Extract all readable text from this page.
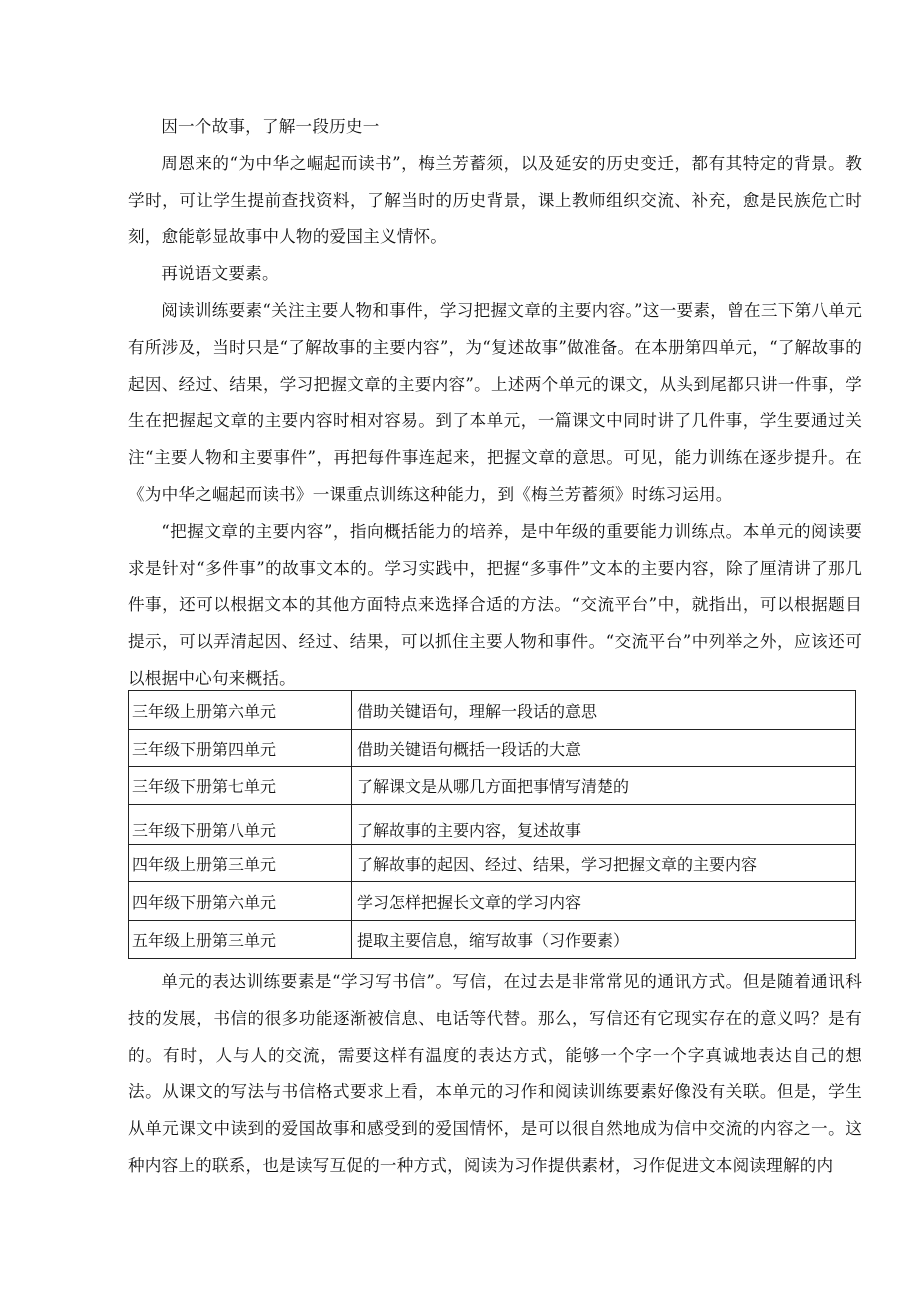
因一个故事，了解一段历史一

周恩来的“为中华之崛起而读书”，梅兰芳蓄须，以及延安的历史变迁，都有其特定的背景。教学时，可让学生提前查找资料，了解当时的历史背景，课上教师组织交流、补充，愈是民族危亡时刻，愈能彰显故事中人物的爱国主义情怀。

再说语文要素。

阅读训练要素“关注主要人物和事件，学习把握文章的主要内容。”这一要素，曾在三下第八单元有所涉及，当时只是“了解故事的主要内容”，为“复述故事”做准备。在本册第四单元，“了解故事的起因、经过、结果，学习把握文章的主要内容”。上述两个单元的课文，从头到尾都只讲一件事，学生在把握起文章的主要内容时相对容易。到了本单元，一篇课文中同时讲了几件事，学生要通过关注“主要人物和主要事件”，再把每件事连起来，把握文章的意思。可见，能力训练在逐步提升。在《为中华之崛起而读书》一课重点训练这种能力，到《梅兰芳蓄须》时练习运用。

“把握文章的主要内容”，指向概括能力的培养，是中年级的重要能力训练点。本单元的阅读要求是针对“多件事”的故事文本的。学习实践中，把握“多事件”文本的主要内容，除了厘清讲了那几件事，还可以根据文本的其他方面特点来选择合适的方法。“交流平台”中，就指出，可以根据题目提示，可以弄清起因、经过、结果，可以抓住主要人物和事件。“交流平台”中列举之外，应该还可以根据中心句来概括。

三年级上册第六单元	借助关键语句，理解一段话的意思
三年级下册第四单元	借助关键语句概括一段话的大意
三年级下册第七单元	了解课文是从哪几方面把事情写清楚的
三年级下册第八单元	了解故事的主要内容，复述故事
四年级上册第三单元	了解故事的起因、经过、结果，学习把握文章的主要内容
四年级下册第六单元	学习怎样把握长文章的学习内容
五年级上册第三单元	提取主要信息，缩写故事（习作要素）

单元的表达训练要素是“学习写书信”。写信，在过去是非常常见的通讯方式。但是随着通讯科技的发展，书信的很多功能逐渐被信息、电话等代替。那么，写信还有它现实存在的意义吗？是有的。有时，人与人的交流，需要这样有温度的表达方式，能够一个字一个字真诚地表达自己的想法。从课文的写法与书信格式要求上看，本单元的习作和阅读训练要素好像没有关联。但是，学生从单元课文中读到的爱国故事和感受到的爱国情怀，是可以很自然地成为信中交流的内容之一。这种内容上的联系，也是读写互促的一种方式，阅读为习作提供素材，习作促进文本阅读理解的内
